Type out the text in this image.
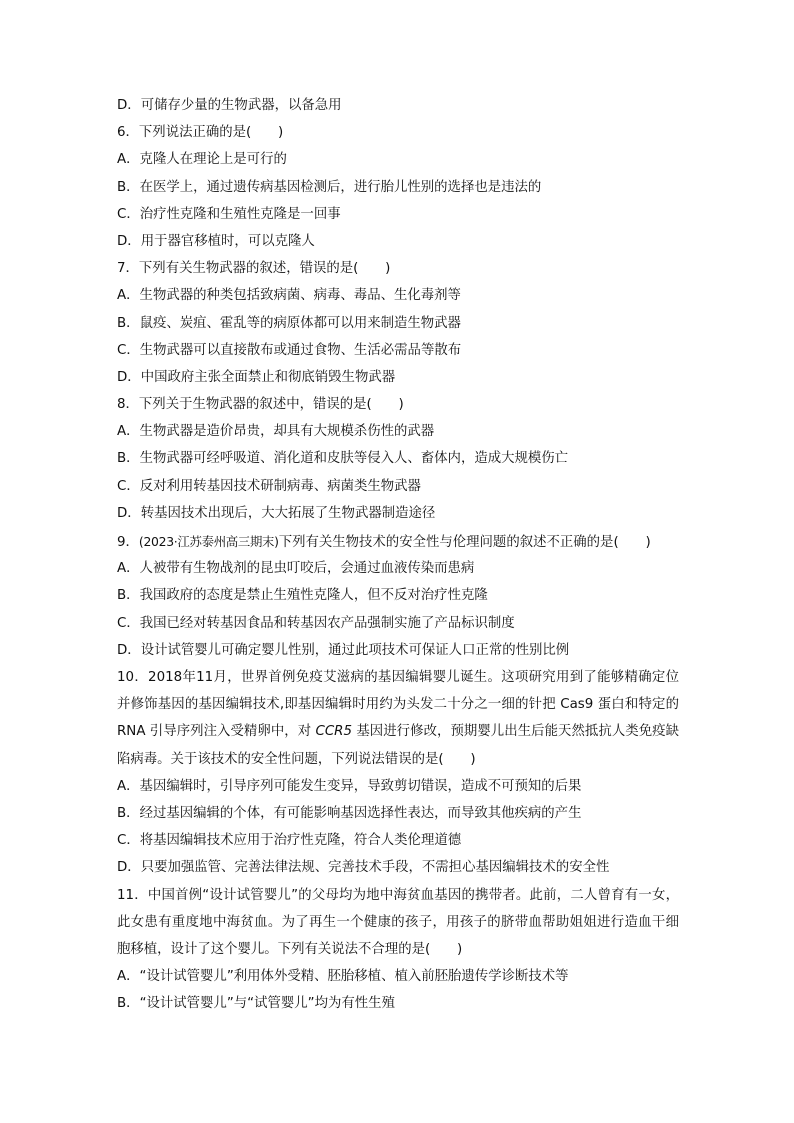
D．可储存少量的生物武器，以备急用
6．下列说法正确的是(　　)
A．克隆人在理论上是可行的
B．在医学上，通过遗传病基因检测后，进行胎儿性别的选择也是违法的
C．治疗性克隆和生殖性克隆是一回事
D．用于器官移植时，可以克隆人
7．下列有关生物武器的叙述，错误的是(　　)
A．生物武器的种类包括致病菌、病毒、毒品、生化毒剂等
B．鼠疫、炭疽、霍乱等的病原体都可以用来制造生物武器
C．生物武器可以直接散布或通过食物、生活必需品等散布
D．中国政府主张全面禁止和彻底销毁生物武器
8．下列关于生物武器的叙述中，错误的是(　　)
A．生物武器是造价昂贵，却具有大规模杀伤性的武器
B．生物武器可经呼吸道、消化道和皮肤等侵入人、畜体内，造成大规模伤亡
C．反对利用转基因技术研制病毒、病菌类生物武器
D．转基因技术出现后，大大拓展了生物武器制造途径
9．(2023·江苏泰州高三期末)下列有关生物技术的安全性与伦理问题的叙述不正确的是(　　)
A．人被带有生物战剂的昆虫叮咬后，会通过血液传染而患病
B．我国政府的态度是禁止生殖性克隆人，但不反对治疗性克隆
C．我国已经对转基因食品和转基因农产品强制实施了产品标识制度
D．设计试管婴儿可确定婴儿性别，通过此项技术可保证人口正常的性别比例
10．2018年11月，世界首例免疫艾滋病的基因编辑婴儿诞生。这项研究用到了能够精确定位并修饰基因的基因编辑技术,即基因编辑时用约为头发二十分之一细的针把 Cas9 蛋白和特定的 RNA 引导序列注入受精卵中，对 CCR5 基因进行修改，预期婴儿出生后能天然抵抗人类免疫缺陷病毒。关于该技术的安全性问题，下列说法错误的是(　　)
A．基因编辑时，引导序列可能发生变异，导致剪切错误，造成不可预知的后果
B．经过基因编辑的个体，有可能影响基因选择性表达，而导致其他疾病的产生
C．将基因编辑技术应用于治疗性克隆，符合人类伦理道德
D．只要加强监管、完善法律法规、完善技术手段，不需担心基因编辑技术的安全性
11．中国首例“设计试管婴儿”的父母均为地中海贫血基因的携带者。此前，二人曾育有一女，此女患有重度地中海贫血。为了再生一个健康的孩子，用孩子的脐带血帮助姐姐进行造血干细胞移植，设计了这个婴儿。下列有关说法不合理的是(　　)
A．“设计试管婴儿”利用体外受精、胚胎移植、植入前胚胎遗传学诊断技术等
B．“设计试管婴儿”与“试管婴儿”均为有性生殖
